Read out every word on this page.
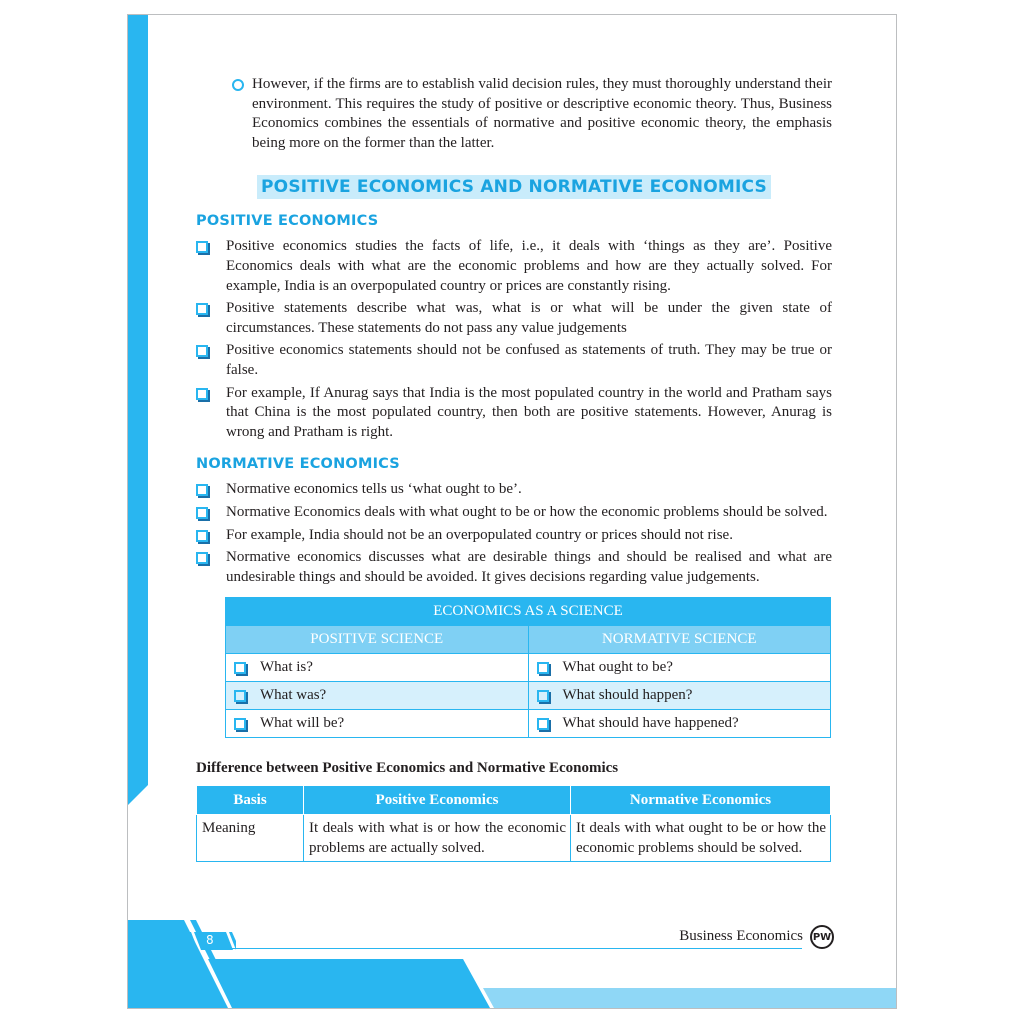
However, if the firms are to establish valid decision rules, they must thoroughly understand their environment. This requires the study of positive or descriptive economic theory. Thus, Business Economics combines the essentials of normative and positive economic theory, the emphasis being more on the former than the latter.

POSITIVE ECONOMICS AND NORMATIVE ECONOMICS
POSITIVE ECONOMICS

Positive economics studies the facts of life, i.e., it deals with ‘things as they are’. Positive Economics deals with what are the economic problems and how are they actually solved. For example, India is an overpopulated country or prices are constantly rising.

Positive statements describe what was, what is or what will be under the given state of circumstances. These statements do not pass any value judgements

Positive economics statements should not be confused as statements of truth. They may be true or false.

For example, If Anurag says that India is the most populated country in the world and Pratham says that China is the most populated country, then both are positive statements. However, Anurag is wrong and Pratham is right.

NORMATIVE ECONOMICS

Normative economics tells us ‘what ought to be’.

Normative Economics deals with what ought to be or how the economic problems should be solved.

For example, India should not be an overpopulated country or prices should not rise.

Normative economics discusses what are desirable things and should be realised and what are undesirable things and should be avoided. It gives decisions regarding value judgements.

ECONOMICS AS A SCIENCE	
POSITIVE SCIENCE	NORMATIVE SCIENCE

What is?	What ought to be?

What was?	What should happen?

What will be?	What should have happened?
Difference between Positive Economics and Normative Economics
Basis	Positive Economics	Normative Economics
Meaning	It deals with what is or how the economic problems are actually solved.	It deals with what ought to be or how the economic problems should be solved.
8	Business Economics PW
